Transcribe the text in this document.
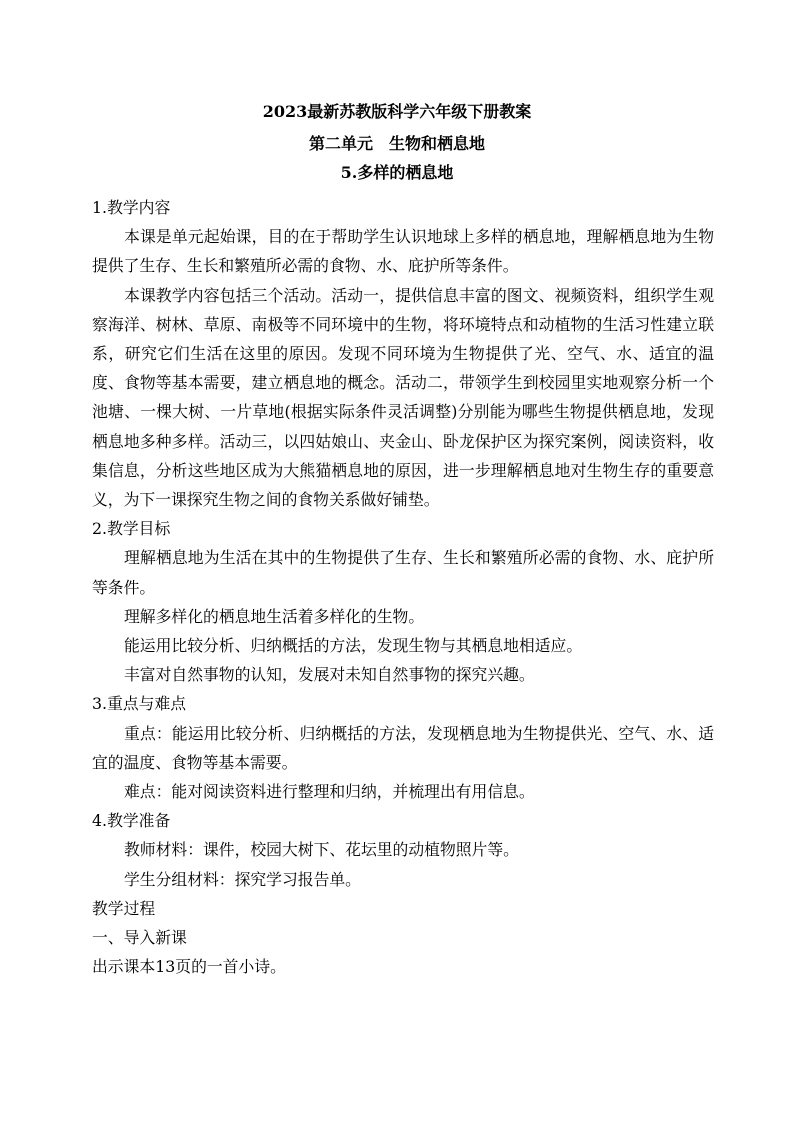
2023最新苏教版科学六年级下册教案
第二单元　生物和栖息地
5.多样的栖息地

1.教学内容

本课是单元起始课，目的在于帮助学生认识地球上多样的栖息地，理解栖息地为生物提供了生存、生长和繁殖所必需的食物、水、庇护所等条件。

本课教学内容包括三个活动。活动一，提供信息丰富的图文、视频资料，组织学生观察海洋、树林、草原、南极等不同环境中的生物，将环境特点和动植物的生活习性建立联系，研究它们生活在这里的原因。发现不同环境为生物提供了光、空气、水、适宜的温度、食物等基本需要，建立栖息地的概念。活动二，带领学生到校园里实地观察分析一个池塘、一棵大树、一片草地(根据实际条件灵活调整)分别能为哪些生物提供栖息地，发现栖息地多种多样。活动三，以四姑娘山、夹金山、卧龙保护区为探究案例，阅读资料，收集信息，分析这些地区成为大熊猫栖息地的原因，进一步理解栖息地对生物生存的重要意义，为下一课探究生物之间的食物关系做好铺垫。

2.教学目标

理解栖息地为生活在其中的生物提供了生存、生长和繁殖所必需的食物、水、庇护所等条件。

理解多样化的栖息地生活着多样化的生物。

能运用比较分析、归纳概括的方法，发现生物与其栖息地相适应。

丰富对自然事物的认知，发展对未知自然事物的探究兴趣。

3.重点与难点

重点：能运用比较分析、归纳概括的方法，发现栖息地为生物提供光、空气、水、适宜的温度、食物等基本需要。

难点：能对阅读资料进行整理和归纳，并梳理出有用信息。

4.教学准备

教师材料：课件，校园大树下、花坛里的动植物照片等。

学生分组材料：探究学习报告单。

教学过程

一、导入新课

出示课本13页的一首小诗。
